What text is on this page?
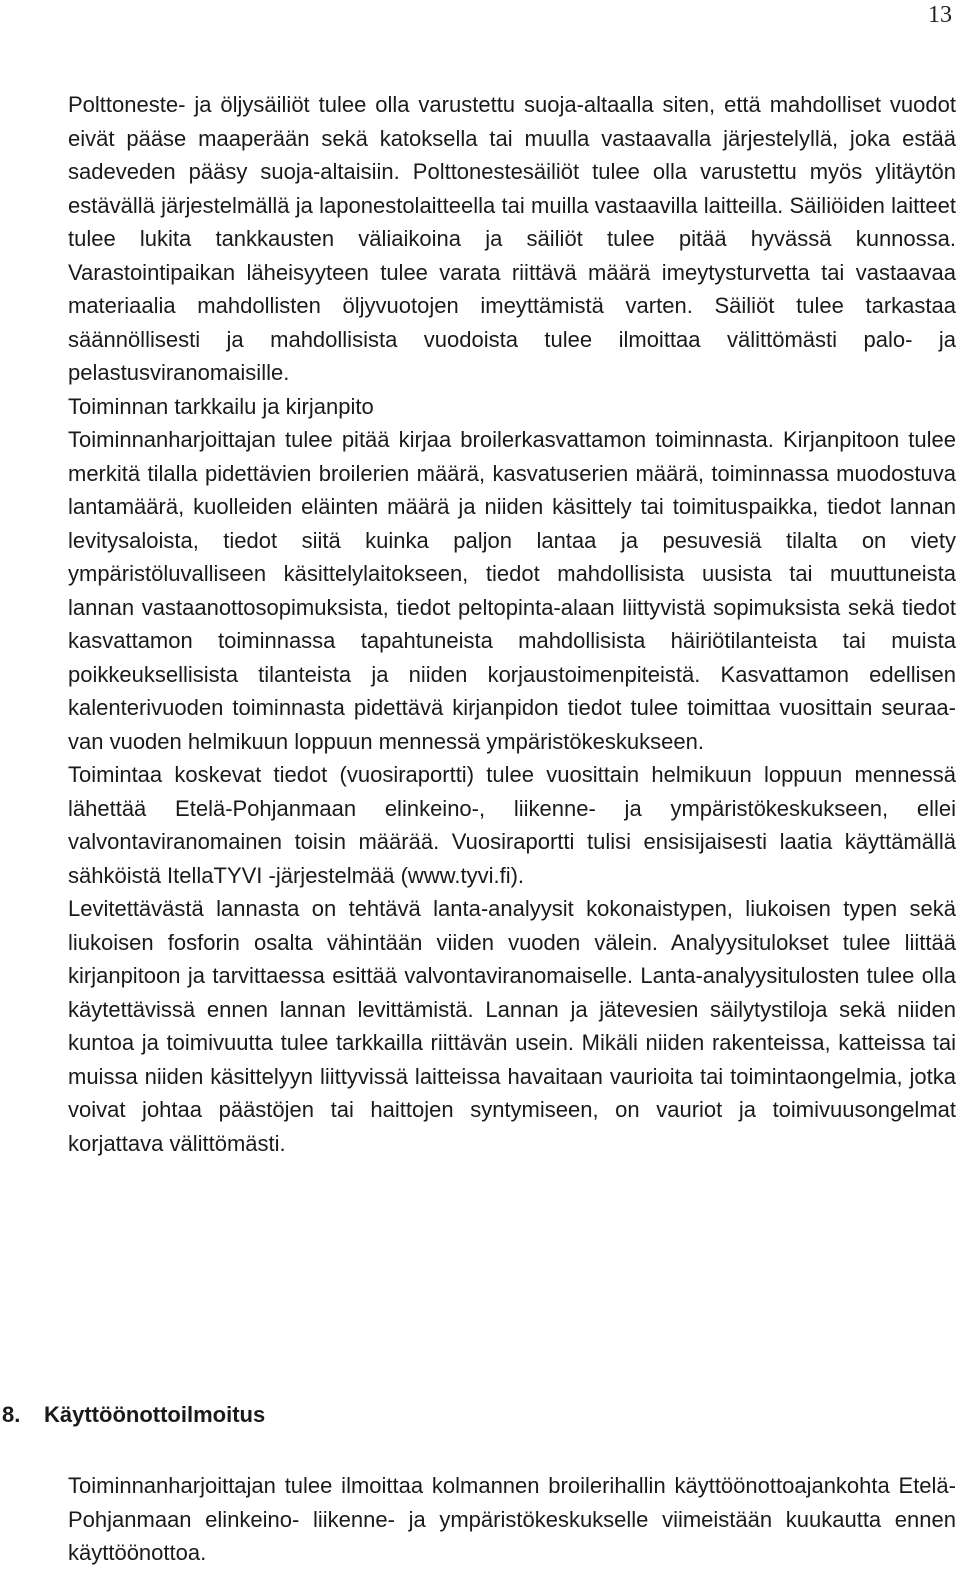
13

Polttoneste- ja öljysäiliöt tulee olla varustettu suoja-altaalla siten, että mahdolliset vuodot eivät pääse maaperään sekä katoksella tai muulla vastaavalla järjestelyllä, joka estää sadeveden pääsy suoja-altaisiin. Polttonestesäiliöt tulee olla varustettu myös ylitäytön estävällä järjestelmällä ja laponestolaitteella tai muilla vastaavilla laitteilla. Säiliöiden laitteet tulee lukita tankkausten väliaikoina ja säiliöt tulee pitää hyvässä kunnossa. Varastointipaikan läheisyyteen tulee varata riittävä määrä imeytysturvetta tai vastaavaa materiaalia mahdollisten öljyvuotojen imeyttämistä varten. Säiliöt tulee tarkastaa säännöllisesti ja mahdollisista vuodoista tulee ilmoittaa välittömästi palo- ja pelastusviranomaisille.

Toiminnan tarkkailu ja kirjanpito

Toiminnanharjoittajan tulee pitää kirjaa broilerkasvattamon toiminnasta. Kirjanpitoon tulee merkitä tilalla pidettävien broilerien määrä, kasvatuserien määrä, toiminnassa muodostuva lantamäärä, kuolleiden eläinten määrä ja niiden käsittely tai toimituspaikka, tiedot lannan levitysaloista, tiedot siitä kuinka paljon lantaa ja pesuvesiä tilalta on viety ympäristöluvalliseen käsittelylaitokseen, tiedot mahdollisista uusista tai muuttuneista lannan vastaanottosopimuksista, tiedot peltopinta-alaan liittyvistä sopimuksista sekä tiedot kasvattamon toiminnassa tapahtuneista mahdollisista häiriötilanteista tai muista poikkeuksellisista tilanteista ja niiden korjaustoimenpiteistä. Kasvattamon edellisen kalenterivuoden toiminnasta pidettävä kirjanpidon tiedot tulee toimittaa vuosittain seuraavan vuoden helmikuun loppuun mennessä ympäristökeskukseen.

Toimintaa koskevat tiedot (vuosiraportti) tulee vuosittain helmikuun loppuun mennessä lähettää Etelä-Pohjanmaan elinkeino-, liikenne- ja ympäristökeskukseen, ellei valvontaviranomainen toisin määrää. Vuosiraportti tulisi ensisijaisesti laatia käyttämällä sähköistä ItellaTYVI -järjestelmää (www.tyvi.fi).

Levitettävästä lannasta on tehtävä lanta-analyysit kokonaistypen, liukoisen typen sekä liukoisen fosforin osalta vähintään viiden vuoden välein. Analyysitulokset tulee liittää kirjanpitoon ja tarvittaessa esittää valvontaviranomaiselle. Lanta-analyysitulosten tulee olla käytettävissä ennen lannan levittämistä. Lannan ja jätevesien säilytystiloja sekä niiden kuntoa ja toimivuutta tulee tarkkailla riittävän usein. Mikäli niiden rakenteissa, katteissa tai muissa niiden käsittelyyn liittyvissä laitteissa havaitaan vaurioita tai toimintaongelmia, jotka voivat johtaa päästöjen tai haittojen syntymiseen, on vauriot ja toimivuusongelmat korjattava välittömästi.

8. Käyttöönottoilmoitus

Toiminnanharjoittajan tulee ilmoittaa kolmannen broilerihallin käyttöönottoajankohta Etelä-Pohjanmaan elinkeino- liikenne- ja ympäristökeskukselle viimeistään kuukautta ennen käyttöönottoa.
